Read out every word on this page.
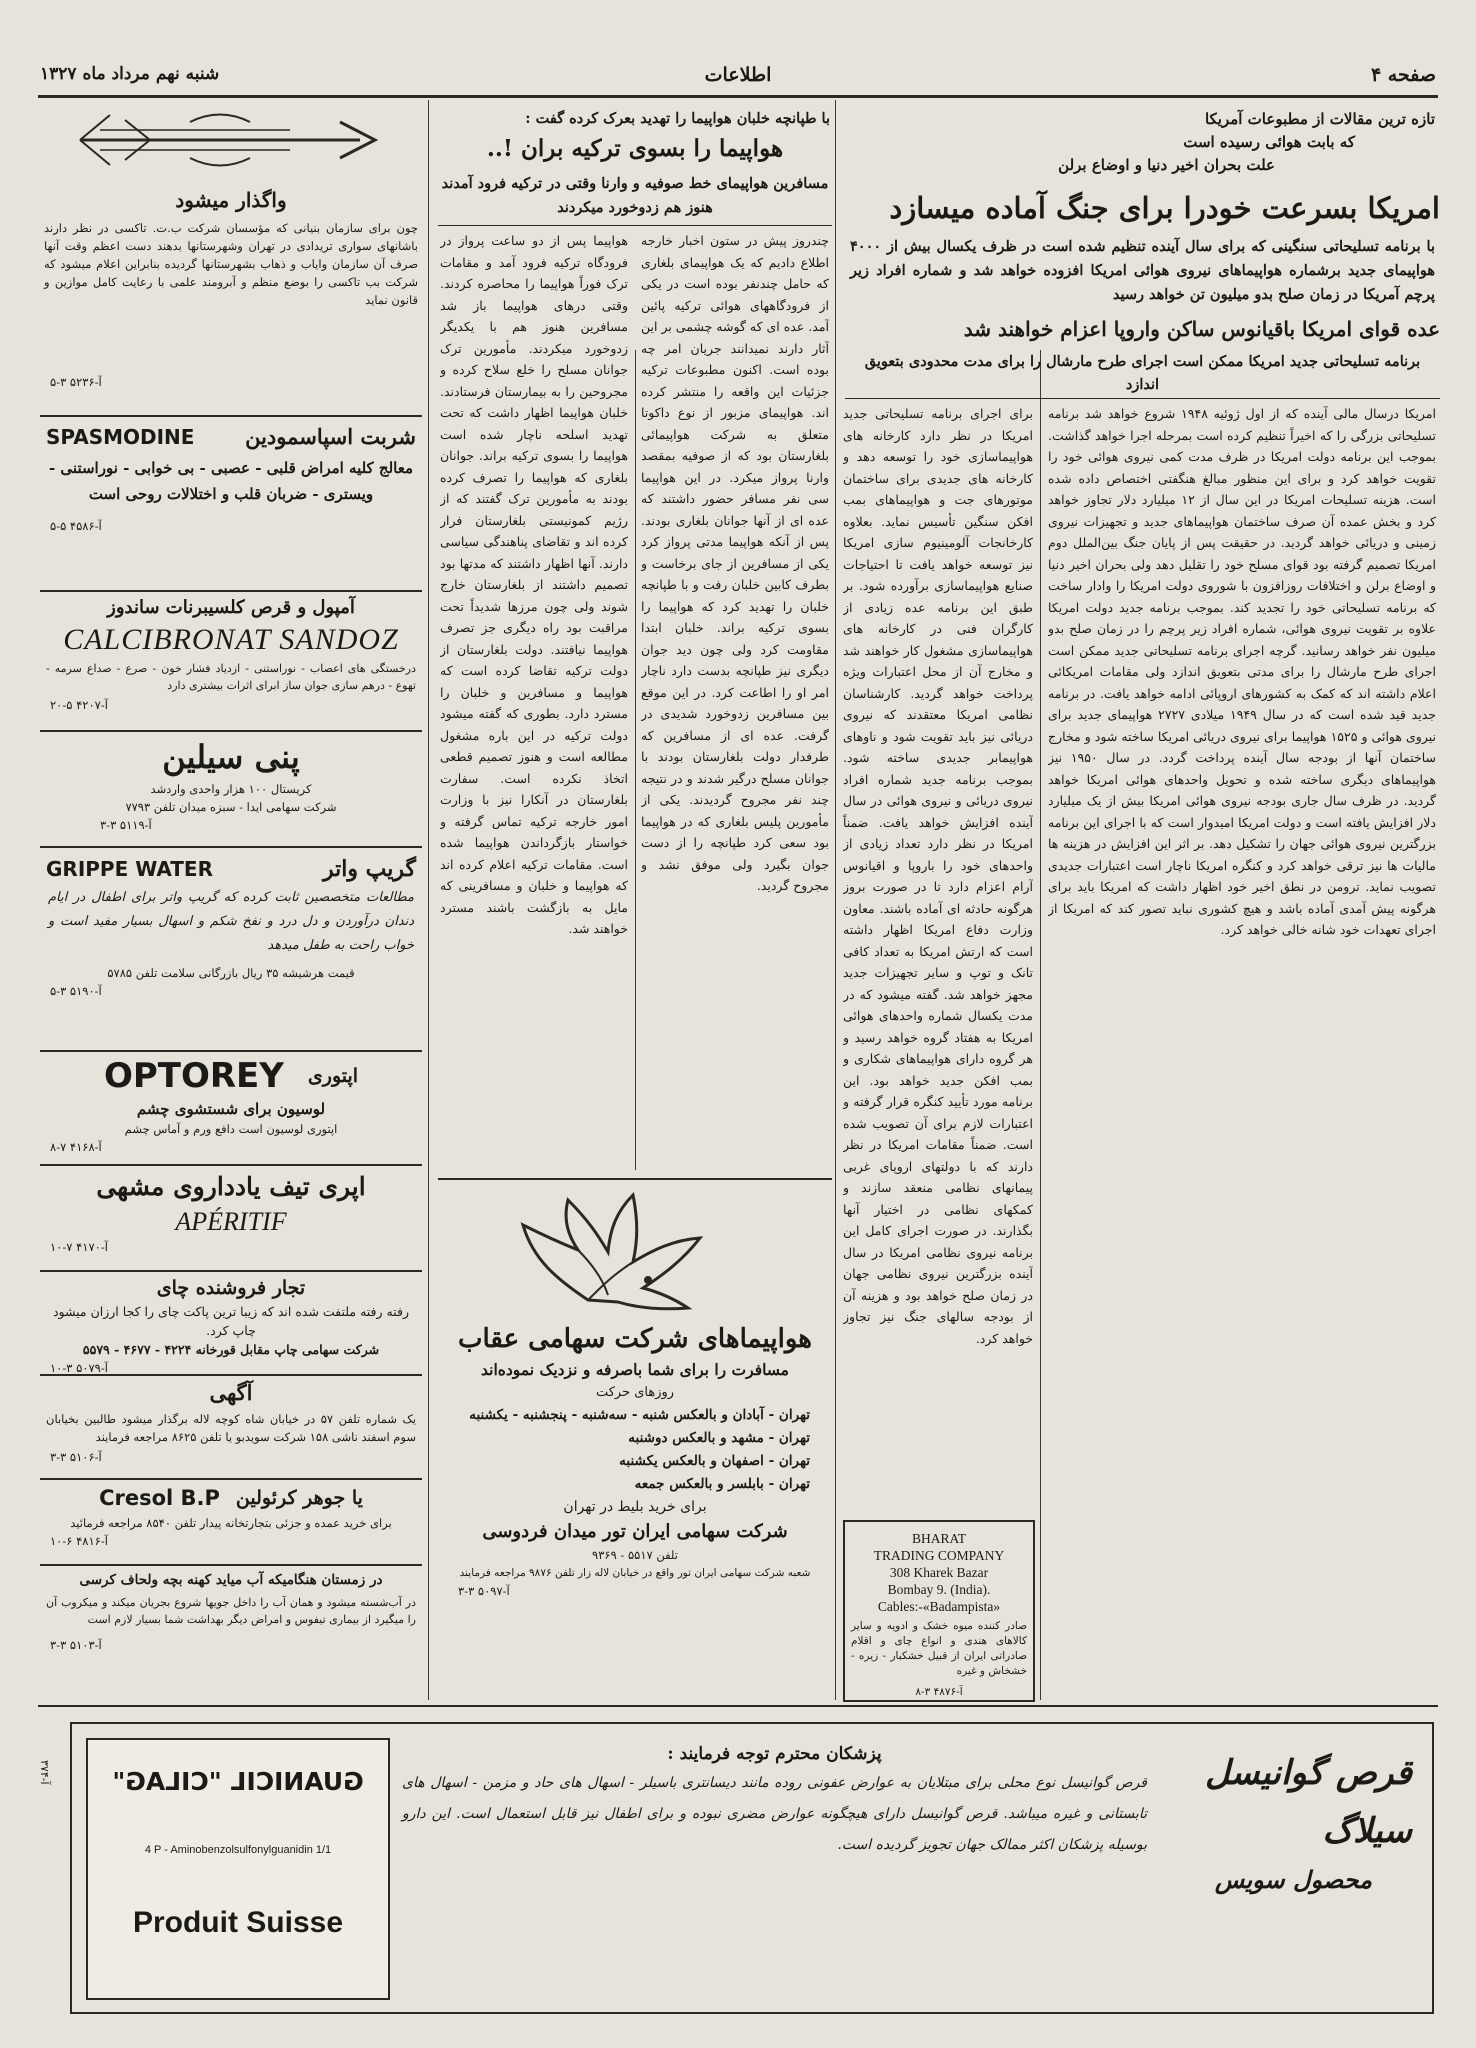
صفحه ۴
اطلاعات
شنبه نهم مرداد ماه ۱۳۲۷
تازه ترین مقالات از مطبوعات آمریکا
که بابت هوائی رسیده است
علت بحران اخیر دنیا و اوضاع برلن
امریکا بسرعت خودرا برای جنگ آماده میسازد
با برنامه تسلیحاتی سنگینی که برای سال آینده تنظیم شده است در ظرف یکسال بیش از ۴۰۰۰ هواپیمای جدید برشماره هواپیماهای نیروی هوائی امریکا افزوده خواهد شد و شماره افراد زیر پرچم آمریکا در زمان صلح بدو میلیون تن خواهد رسید
عده قوای امریکا باقیانوس ساکن واروپا اعزام خواهند شد
برنامه تسلیحاتی جدید امریکا ممکن است اجرای طرح مارشال را برای مدت محدودی بتعویق اندازد
امریکا درسال مالی آینده که از اول ژوئیه ۱۹۴۸ شروع خواهد شد برنامه تسلیحاتی بزرگی را که اخیراً تنظیم کرده است بمرحله اجرا خواهد گذاشت. بموجب این برنامه دولت امریکا در ظرف مدت کمی نیروی هوائی خود را تقویت خواهد کرد و برای این منظور مبالغ هنگفتی اختصاص داده شده است. هزینه تسلیحات امریکا در این سال از ۱۲ میلیارد دلار تجاوز خواهد کرد و بخش عمده آن صرف ساختمان هواپیماهای جدید و تجهیزات نیروی زمینی و دریائی خواهد گردید. در حقیقت پس از پایان جنگ بین‌الملل دوم امریکا تصمیم گرفته بود قوای مسلح خود را تقلیل دهد ولی بحران اخیر دنیا و اوضاع برلن و اختلافات روزافزون با شوروی دولت امریکا را وادار ساخت که برنامه تسلیحاتی خود را تجدید کند. بموجب برنامه جدید دولت امریکا علاوه بر تقویت نیروی هوائی، شماره افراد زیر پرچم را در زمان صلح بدو میلیون نفر خواهد رسانید. گرچه اجرای برنامه تسلیحاتی جدید ممکن است اجرای طرح مارشال را برای مدتی بتعویق اندازد ولی مقامات امریکائی اعلام داشته اند که کمک به کشورهای اروپائی ادامه خواهد یافت. در برنامه جدید قید شده است که در سال ۱۹۴۹ میلادی ۲۷۲۷ هواپیمای جدید برای نیروی هوائی و ۱۵۲۵ هواپیما برای نیروی دریائی امریکا ساخته شود و مخارج ساختمان آنها از بودجه سال آینده پرداخت گردد. در سال ۱۹۵۰ نیز هواپیماهای دیگری ساخته شده و تحویل واحدهای هوائی امریکا خواهد گردید. در ظرف سال جاری بودجه نیروی هوائی امریکا بیش از یک میلیارد دلار افزایش یافته است و دولت امریکا امیدوار است که با اجرای این برنامه بزرگترین نیروی هوائی جهان را تشکیل دهد. بر اثر این افزایش در هزینه ها مالیات ها نیز ترقی خواهد کرد و کنگره امریکا ناچار است اعتبارات جدیدی تصویب نماید. ترومن در نطق اخیر خود اظهار داشت که امریکا باید برای هرگونه پیش آمدی آماده باشد و هیچ کشوری نباید تصور کند که امریکا از اجرای تعهدات خود شانه خالی خواهد کرد.
برای اجرای برنامه تسلیحاتی جدید امریکا در نظر دارد کارخانه های هواپیماسازی خود را توسعه دهد و کارخانه های جدیدی برای ساختمان موتورهای جت و هواپیماهای بمب افکن سنگین تأسیس نماید. بعلاوه کارخانجات آلومینیوم سازی امریکا نیز توسعه خواهد یافت تا احتیاجات صنایع هواپیماسازی برآورده شود. بر طبق این برنامه عده زیادی از کارگران فنی در کارخانه های هواپیماسازی مشغول کار خواهند شد و مخارج آن از محل اعتبارات ویژه پرداخت خواهد گردید. کارشناسان نظامی امریکا معتقدند که نیروی دریائی نیز باید تقویت شود و ناوهای هواپیمابر جدیدی ساخته شود. بموجب برنامه جدید شماره افراد نیروی دریائی و نیروی هوائی در سال آینده افزایش خواهد یافت. ضمناً امریکا در نظر دارد تعداد زیادی از واحدهای خود را باروپا و اقیانوس آرام اعزام دارد تا در صورت بروز هرگونه حادثه ای آماده باشند. معاون وزارت دفاع امریکا اظهار داشته است که ارتش امریکا به تعداد کافی تانک و توپ و سایر تجهیزات جدید مجهز خواهد شد. گفته میشود که در مدت یکسال شماره واحدهای هوائی امریکا به هفتاد گروه خواهد رسید و هر گروه دارای هواپیماهای شکاری و بمب افکن جدید خواهد بود. این برنامه مورد تأیید کنگره قرار گرفته و اعتبارات لازم برای آن تصویب شده است. ضمناً مقامات امریکا در نظر دارند که با دولتهای اروپای غربی پیمانهای نظامی منعقد سازند و کمکهای نظامی در اختیار آنها بگذارند. در صورت اجرای کامل این برنامه نیروی نظامی امریکا در سال آینده بزرگترین نیروی نظامی جهان در زمان صلح خواهد بود و هزینه آن از بودجه سالهای جنگ نیز تجاوز خواهد کرد.
BHARAT
TRADING COMPANY
308 Kharek Bazar
Bombay 9. (India).
Cables:-«Badampista»
صادر کننده میوه خشک و ادویه و سایر کالاهای هندی و انواع چای و اقلام صادراتی ایران از قبیل خشکبار - زیره - خشخاش و غیره
آ-۴۸۷۶ ۳-۸
با طپانچه خلبان هواپیما را تهدید بعرک کرده گفت :
هواپیما را بسوی ترکیه بران !..
مسافرین هواپیمای خط صوفیه و وارنا وقتی در ترکیه فرود آمدند هنوز هم زدوخورد میکردند
چندروز پیش در ستون اخبار خارجه اطلاع دادیم که یک هواپیمای بلغاری که حامل چندنفر بوده است در یکی از فرودگاههای هوائی ترکیه پائین آمد. عده ای که گوشه چشمی بر این آثار دارند نمیدانند جریان امر چه بوده است. اکنون مطبوعات ترکیه جزئیات این واقعه را منتشر کرده اند. هواپیمای مزبور از نوع داکوتا متعلق به شرکت هواپیمائی بلغارستان بود که از صوفیه بمقصد وارنا پرواز میکرد. در این هواپیما سی نفر مسافر حضور داشتند که عده ای از آنها جوانان بلغاری بودند. پس از آنکه هواپیما مدتی پرواز کرد یکی از مسافرین از جای برخاست و بطرف کابین خلبان رفت و با طپانچه خلبان را تهدید کرد که هواپیما را بسوی ترکیه براند. خلبان ابتدا مقاومت کرد ولی چون دید جوان دیگری نیز طپانچه بدست دارد ناچار امر او را اطاعت کرد. در این موقع بین مسافرین زدوخورد شدیدی در گرفت. عده ای از مسافرین که طرفدار دولت بلغارستان بودند با جوانان مسلح درگیر شدند و در نتیجه چند نفر مجروح گردیدند. یکی از مأمورین پلیس بلغاری که در هواپیما بود سعی کرد طپانچه را از دست جوان بگیرد ولی موفق نشد و مجروح گردید.
هواپیما پس از دو ساعت پرواز در فرودگاه ترکیه فرود آمد و مقامات ترک فوراً هواپیما را محاصره کردند. وقتی درهای هواپیما باز شد مسافرین هنوز هم با یکدیگر زدوخورد میکردند. مأمورین ترک جوانان مسلح را خلع سلاح کرده و مجروحین را به بیمارستان فرستادند. خلبان هواپیما اظهار داشت که تحت تهدید اسلحه ناچار شده است هواپیما را بسوی ترکیه براند. جوانان بلغاری که هواپیما را تصرف کرده بودند به مأمورین ترک گفتند که از رژیم کمونیستی بلغارستان فرار کرده اند و تقاضای پناهندگی سیاسی دارند. آنها اظهار داشتند که مدتها بود تصمیم داشتند از بلغارستان خارج شوند ولی چون مرزها شدیداً تحت مراقبت بود راه دیگری جز تصرف هواپیما نیافتند. دولت بلغارستان از دولت ترکیه تقاضا کرده است که هواپیما و مسافرین و خلبان را مسترد دارد. بطوری که گفته میشود دولت ترکیه در این باره مشغول مطالعه است و هنوز تصمیم قطعی اتخاذ نکرده است. سفارت بلغارستان در آنکارا نیز با وزارت امور خارجه ترکیه تماس گرفته و خواستار بازگرداندن هواپیما شده است. مقامات ترکیه اعلام کرده اند که هواپیما و خلبان و مسافرینی که مایل به بازگشت باشند مسترد خواهند شد.
هواپیماهای شرکت سهامی عقاب
مسافرت را برای شما باصرفه و نزدیک نموده‌اند
روزهای حرکت
تهران - آبادان و بالعکس شنبه - سه‌شنبه - پنجشنبه - یکشنبه
تهران - مشهد و بالعکس دوشنبه
تهران - اصفهان و بالعکس یکشنبه
تهران - بابلسر و بالعکس جمعه
برای خرید بلیط در تهران
شرکت سهامی ایران تور میدان فردوسی
تلفن ۵۵۱۷ - ۹۳۶۹
شعبه شرکت سهامی ایران تور واقع در خیابان لاله زار تلفن ۹۸۷۶ مراجعه فرمایند
آ-۵۰۹۷ ۳-۳
واگذار میشود
چون برای سازمان بنیانی که مؤسسان شرکت ب.ت. تاکسی در نظر دارند باشانهای سواری تریدادی در تهران وشهرستانها بدهند دست اعظم وقت آنها صرف آن سازمان وایاب و ذهاب بشهرستانها گردیده بنابراین اعلام میشود که شرکت بب تاکسی را بوضع منظم و آبرومند علمی با رعایت کامل موازین و قانون نماید
آ-۵۲۳۶ ۳-۵
SPASMODINE شربت اسپاسمودین
معالج کلیه امراض قلبی - عصبی - بی خوابی - نوراستنی - ویستری - ضربان قلب و اختلالات روحی است
آ-۴۵۸۶ ۵-۵
آمپول و قرص کلسیبرنات ساندوز
CALCIBRONAT SANDOZ
درخستگی های اعصاب - نوراستنی - ازدیاد فشار خون - صرع - صداع سرمه - تهوع - درهم سازی جوان ساز ابرای اثرات بیشتری دارد
آ-۴۲۰۷ ۵-۲۰
پنی سیلین
کریستال ۱۰۰ هزار واحدی واردشد
شرکت سهامی ایدا - سبزه میدان تلفن ۷۷۹۳
آ-۵۱۱۹ ۳-۳
GRIPPE WATER	گریپ واتر
مطالعات متخصصین ثابت کرده که گریپ واتر برای اطفال در ایام دندان درآوردن و دل درد و نفخ شکم و اسهال بسیار مفید است و خواب راحت به طفل میدهد
قیمت هرشیشه ۳۵ ریال بازرگانی سلامت تلفن ۵۷۸۵
آ-۵۱۹۰ ۳-۵
OPTOREY اپتوری
لوسیون برای شستشوی چشم
اپتوری لوسیون است دافع ورم و آماس چشم
آ-۴۱۶۸ ۷-۸
اپری تیف یادداروی مشهی
APÉRITIF
آ-۴۱۷۰ ۷-۱۰
تجار فروشنده چای
رفته رفته ملتفت شده اند که زیبا ترین پاکت چای را کجا ارزان میشود چاپ کرد.
شرکت سهامی چاپ مقابل قورخانه ۴۲۲۴ - ۴۶۷۷ - ۵۵۷۹
آ-۵۰۷۹ ۳-۱۰
آگهی
یک شماره تلفن ۵۷ در خیابان شاه کوچه لاله برگذار میشود طالبین بخیابان سوم اسفند ناشی ۱۵۸ شرکت سویدبو یا تلفن ۸۶۲۵ مراجعه فرمایند
آ-۵۱۰۶ ۳-۳
Cresol B.P یا جوهر کرئولین
برای خرید عمده و جزئی بتجارتخانه پیدار تلفن ۸۵۴۰ مراجعه فرمائید
آ-۴۸۱۶ ۶-۱۰
در زمستان هنگامیکه آب میاید کهنه بچه ولحاف کرسی
در آب‌شسته میشود و همان آب را داخل جویها شروع بجریان میکند و میکروب آن را میگیرد از بیماری تیفوس و امراض دیگر بهداشت شما بسیار لازم است
آ-۵۱۰۳ ۳-۳
قرص گوانیسل سیلاگ
محصول سویس
پزشکان محترم توجه فرمایند :
قرص گوانیسل نوع محلی برای مبتلایان به عوارض عفونی روده مانند دیسانتری باسیلر - اسهال های حاد و مزمن - اسهال های تابستانی و غیره میباشد. قرص گوانیسل دارای هیچگونه عوارض مضری نبوده و برای اطفال نیز قابل استعمال است. این دارو بوسیله پزشکان اکثر ممالک جهان تجویز گردیده است.
GUANICIL "CILAG"
4 P - Aminobenzolsulfonylguanidin 1/1
Produit Suisse
آ-۳۷۴
